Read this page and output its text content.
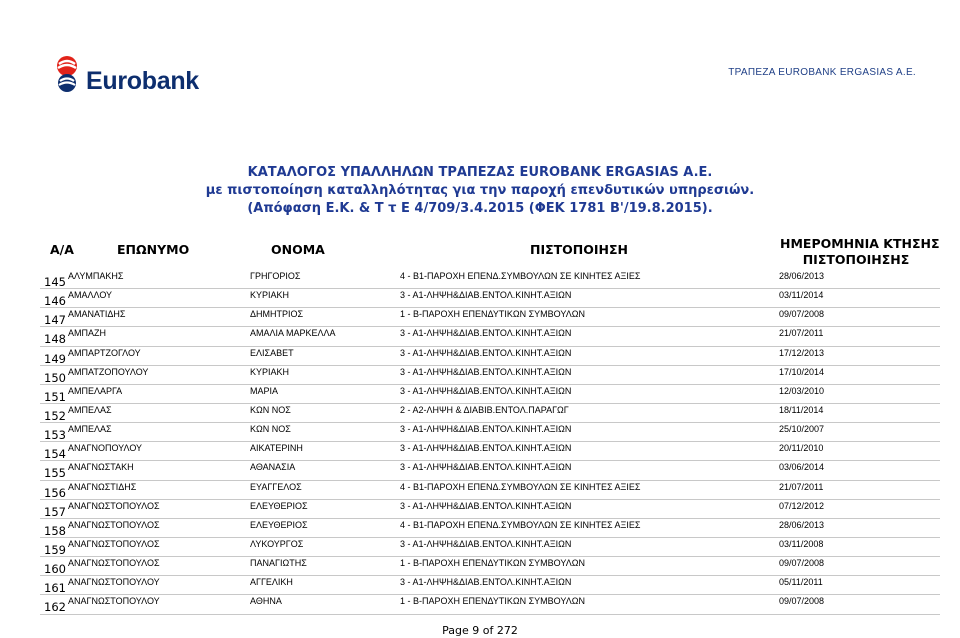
Eurobank	ΤΡΑΠΕΖΑ EUROBANK ERGASIAS A.E.
ΚΑΤΑΛΟΓΟΣ ΥΠΑΛΛΗΛΩΝ ΤΡΑΠΕΖΑΣ EUROBANK ERGASIAS A.E.
με πιστοποίηση καταλληλότητας για την παροχή επενδυτικών υπηρεσιών.
(Απόφαση Ε.Κ. & Τ τ Ε 4/709/3.4.2015 (ΦΕΚ 1781 Β'/19.8.2015).
Α/Α	ΕΠΩΝΥΜΟ	ΟΝΟΜΑ	ΠΙΣΤΟΠΟΙΗΣΗ	ΗΜΕΡΟΜΗΝΙΑ ΚΤΗΣΗΣ
ΠΙΣΤΟΠΟΙΗΣΗΣ
145 ΑΛΥΜΠΑΚΗΣ	ΓΡΗΓΟΡΙΟΣ	4 - Β1-ΠΑΡΟΧΗ ΕΠΕΝΔ.ΣΥΜΒΟΥΛΩΝ ΣΕ ΚΙΝΗΤΕΣ ΑΞΙΕΣ	28/06/2013
146 ΑΜΑΛΛΟΥ	ΚΥΡΙΑΚΗ	3 - Α1-ΛΗΨΗ&ΔΙΑΒ.ΕΝΤΟΛ.ΚΙΝΗΤ.ΑΞΙΩΝ	03/11/2014
147 ΑΜΑΝΑΤΙΔΗΣ	ΔΗΜΗΤΡΙΟΣ	1 - Β-ΠΑΡΟΧΗ ΕΠΕΝΔΥΤΙΚΩΝ ΣΥΜΒΟΥΛΩΝ	09/07/2008
148 ΑΜΠΑΖΗ	ΑΜΑΛΙΑ ΜΑΡΚΕΛΛΑ	3 - Α1-ΛΗΨΗ&ΔΙΑΒ.ΕΝΤΟΛ.ΚΙΝΗΤ.ΑΞΙΩΝ	21/07/2011
149 ΑΜΠΑΡΤΖΟΓΛΟΥ	ΕΛΙΣΑΒΕΤ	3 - Α1-ΛΗΨΗ&ΔΙΑΒ.ΕΝΤΟΛ.ΚΙΝΗΤ.ΑΞΙΩΝ	17/12/2013
150 ΑΜΠΑΤΖΟΠΟΥΛΟΥ	ΚΥΡΙΑΚΗ	3 - Α1-ΛΗΨΗ&ΔΙΑΒ.ΕΝΤΟΛ.ΚΙΝΗΤ.ΑΞΙΩΝ	17/10/2014
151 ΑΜΠΕΛΑΡΓΑ	ΜΑΡΙΑ	3 - Α1-ΛΗΨΗ&ΔΙΑΒ.ΕΝΤΟΛ.ΚΙΝΗΤ.ΑΞΙΩΝ	12/03/2010
152 ΑΜΠΕΛΑΣ	ΚΩΝ ΝΟΣ	2 - Α2-ΛΗΨΗ & ΔΙΑΒΙΒ.ΕΝΤΟΛ.ΠΑΡΑΓΩΓ	18/11/2014
153 ΑΜΠΕΛΑΣ	ΚΩΝ ΝΟΣ	3 - Α1-ΛΗΨΗ&ΔΙΑΒ.ΕΝΤΟΛ.ΚΙΝΗΤ.ΑΞΙΩΝ	25/10/2007
154 ΑΝΑΓΝΟΠΟΥΛΟΥ	ΑΙΚΑΤΕΡΙΝΗ	3 - Α1-ΛΗΨΗ&ΔΙΑΒ.ΕΝΤΟΛ.ΚΙΝΗΤ.ΑΞΙΩΝ	20/11/2010
155 ΑΝΑΓΝΩΣΤΑΚΗ	ΑΘΑΝΑΣΙΑ	3 - Α1-ΛΗΨΗ&ΔΙΑΒ.ΕΝΤΟΛ.ΚΙΝΗΤ.ΑΞΙΩΝ	03/06/2014
156 ΑΝΑΓΝΩΣΤΙΔΗΣ	ΕΥΑΓΓΕΛΟΣ	4 - Β1-ΠΑΡΟΧΗ ΕΠΕΝΔ.ΣΥΜΒΟΥΛΩΝ ΣΕ ΚΙΝΗΤΕΣ ΑΞΙΕΣ	21/07/2011
157 ΑΝΑΓΝΩΣΤΟΠΟΥΛΟΣ	ΕΛΕΥΘΕΡΙΟΣ	3 - Α1-ΛΗΨΗ&ΔΙΑΒ.ΕΝΤΟΛ.ΚΙΝΗΤ.ΑΞΙΩΝ	07/12/2012
158 ΑΝΑΓΝΩΣΤΟΠΟΥΛΟΣ	ΕΛΕΥΘΕΡΙΟΣ	4 - Β1-ΠΑΡΟΧΗ ΕΠΕΝΔ.ΣΥΜΒΟΥΛΩΝ ΣΕ ΚΙΝΗΤΕΣ ΑΞΙΕΣ	28/06/2013
159 ΑΝΑΓΝΩΣΤΟΠΟΥΛΟΣ	ΛΥΚΟΥΡΓΟΣ	3 - Α1-ΛΗΨΗ&ΔΙΑΒ.ΕΝΤΟΛ.ΚΙΝΗΤ.ΑΞΙΩΝ	03/11/2008
160 ΑΝΑΓΝΩΣΤΟΠΟΥΛΟΣ	ΠΑΝΑΓΙΩΤΗΣ	1 - Β-ΠΑΡΟΧΗ ΕΠΕΝΔΥΤΙΚΩΝ ΣΥΜΒΟΥΛΩΝ	09/07/2008
161 ΑΝΑΓΝΩΣΤΟΠΟΥΛΟΥ	ΑΓΓΕΛΙΚΗ	3 - Α1-ΛΗΨΗ&ΔΙΑΒ.ΕΝΤΟΛ.ΚΙΝΗΤ.ΑΞΙΩΝ	05/11/2011
162 ΑΝΑΓΝΩΣΤΟΠΟΥΛΟΥ	ΑΘΗΝΑ	1 - Β-ΠΑΡΟΧΗ ΕΠΕΝΔΥΤΙΚΩΝ ΣΥΜΒΟΥΛΩΝ	09/07/2008
Page 9 of 272
